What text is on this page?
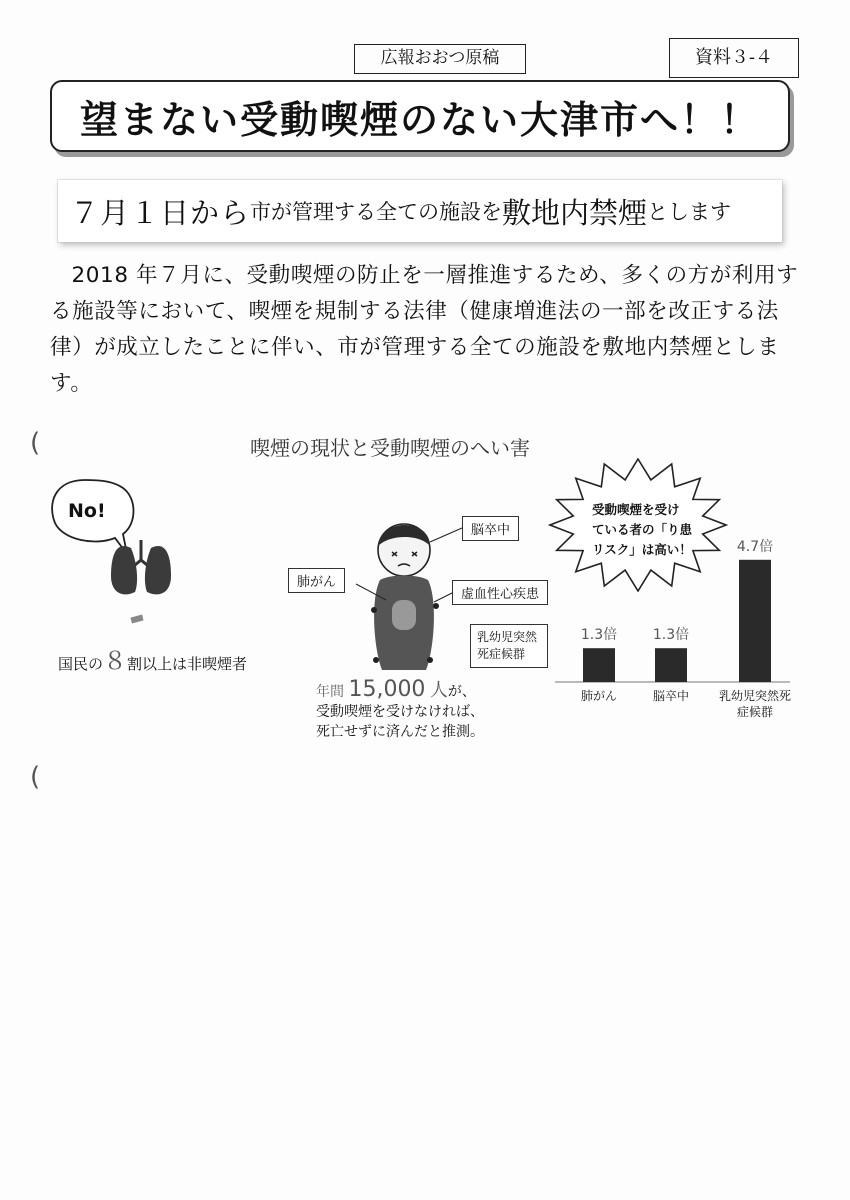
広報おおつ原稿	資料３-４
望まない受動喫煙のない大津市へ！！
７月１日から 市が管理する全ての施設を 敷地内禁煙 とします
2018 年７月に、受動喫煙の防止を一層推進するため、多くの方が利用する施設等において、喫煙を規制する法律（健康増進法の一部を改正する法律）が成立したことに伴い、市が管理する全ての施設を敷地内禁煙とします。
(
(
喫煙の現状と受動喫煙のへい害
No!
国民の８割以上は非喫煙者
脳卒中
肺がん
虚血性心疾患
乳幼児突然死症候群
年間 15,000 人が、
受動喫煙を受けなければ、
死亡せずに済んだと推測。
受動喫煙を受け
ている者の「り患
リスク」は高い！
1.3倍
肺がん
1.3倍
脳卒中
4.7倍
乳幼児突然死
症候群
